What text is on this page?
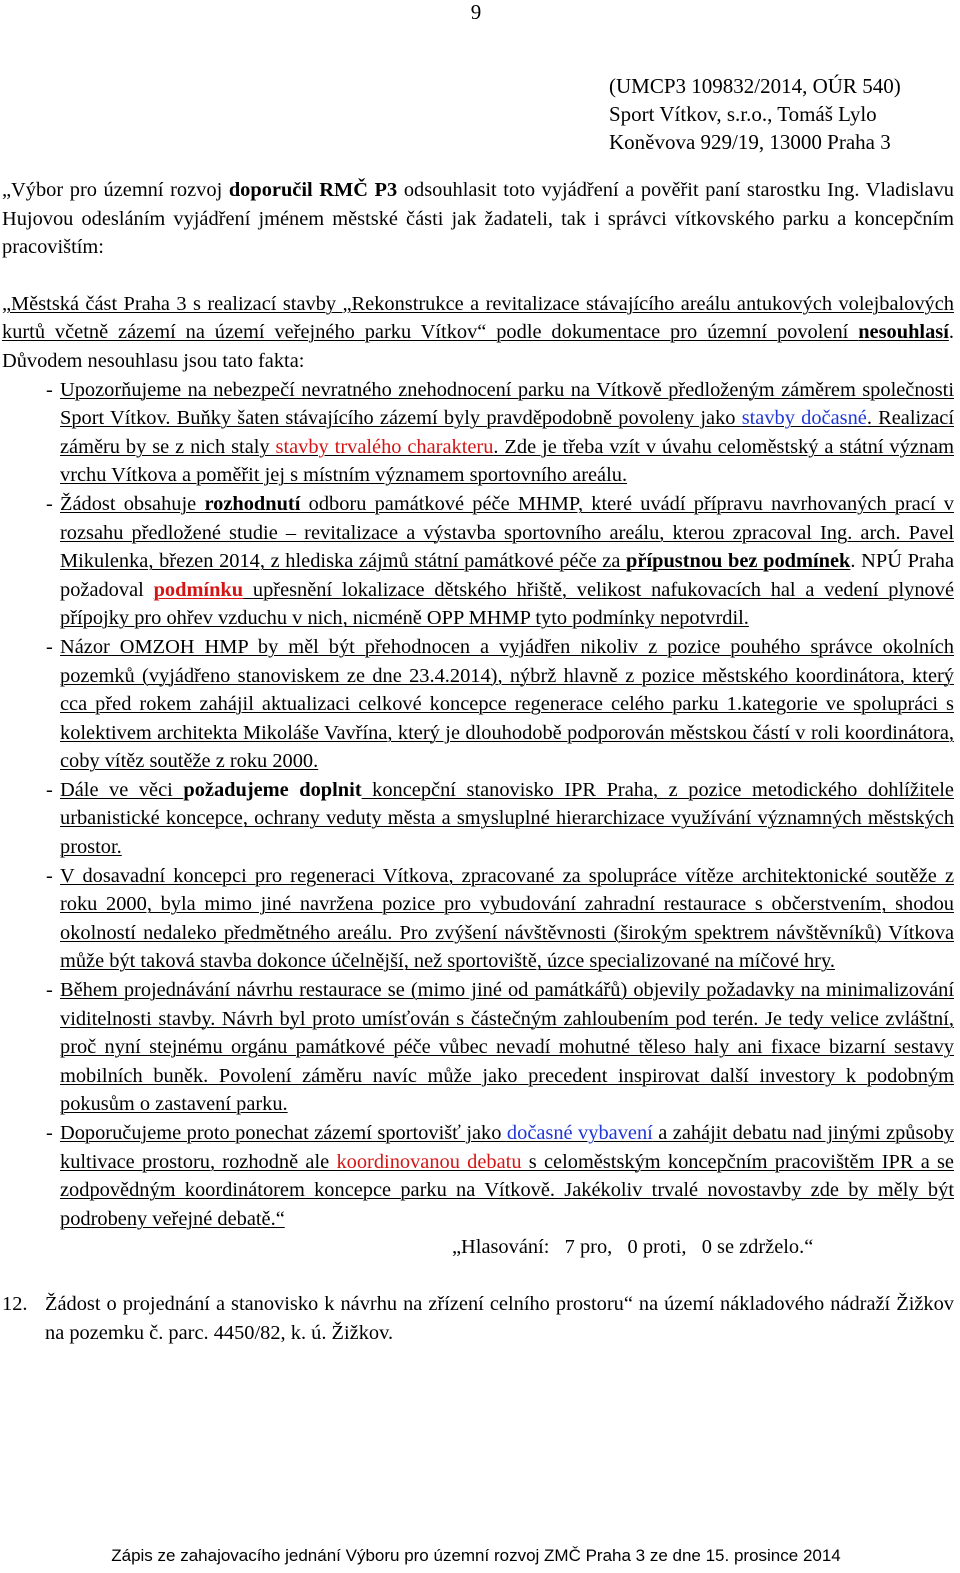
9
(UMCP3 109832/2014, OÚR 540)
Sport Vítkov, s.r.o., Tomáš Lylo
Koněvova 929/19, 13000 Praha 3

„Výbor pro územní rozvoj doporučil RMČ P3 odsouhlasit toto vyjádření a pověřit paní starostku Ing. Vladislavu Hujovou odesláním vyjádření jménem městské části jak žadateli, tak i správci vítkovského parku a koncepčním pracovištím:

„Městská část Praha 3 s realizací stavby „Rekonstrukce a revitalizace stávajícího areálu antukových volejbalových kurtů včetně zázemí na území veřejného parku Vítkov“ podle dokumentace pro územní povolení nesouhlasí. Důvodem nesouhlasu jsou tato fakta:

- Upozorňujeme na nebezpečí nevratného znehodnocení parku na Vítkově předloženým záměrem společnosti Sport Vítkov. Buňky šaten stávajícího zázemí byly pravděpodobně povoleny jako stavby dočasné. Realizací záměru by se z nich staly stavby trvalého charakteru. Zde je třeba vzít v úvahu celoměstský a státní význam vrchu Vítkova a poměřit jej s místním významem sportovního areálu.
- Žádost obsahuje rozhodnutí odboru památkové péče MHMP, které uvádí přípravu navrhovaných prací v rozsahu předložené studie – revitalizace a výstavba sportovního areálu, kterou zpracoval Ing. arch. Pavel Mikulenka, březen 2014, z hlediska zájmů státní památkové péče za přípustnou bez podmínek. NPÚ Praha požadoval podmínku upřesnění lokalizace dětského hřiště, velikost nafukovacích hal a vedení plynové přípojky pro ohřev vzduchu v nich, nicméně OPP MHMP tyto podmínky nepotvrdil.
- Názor OMZOH HMP by měl být přehodnocen a vyjádřen nikoliv z pozice pouhého správce okolních pozemků (vyjádřeno stanoviskem ze dne 23.4.2014), nýbrž hlavně z pozice městského koordinátora, který cca před rokem zahájil aktualizaci celkové koncepce regenerace celého parku 1.kategorie ve spolupráci s kolektivem architekta Mikoláše Vavřína, který je dlouhodobě podporován městskou částí v roli koordinátora, coby vítěz soutěže z roku 2000.
- Dále ve věci požadujeme doplnit koncepční stanovisko IPR Praha, z pozice metodického dohlížitele urbanistické koncepce, ochrany veduty města a smysluplné hierarchizace využívání významných městských prostor.
- V dosavadní koncepci pro regeneraci Vítkova, zpracované za spolupráce vítěze architektonické soutěže z roku 2000, byla mimo jiné navržena pozice pro vybudování zahradní restaurace s občerstvením, shodou okolností nedaleko předmětného areálu. Pro zvýšení návštěvnosti (širokým spektrem návštěvníků) Vítkova může být taková stavba dokonce účelnější, než sportoviště, úzce specializované na míčové hry.
- Během projednávání návrhu restaurace se (mimo jiné od památkářů) objevily požadavky na minimalizování viditelnosti stavby. Návrh byl proto umísťován s částečným zahloubením pod terén. Je tedy velice zvláštní, proč nyní stejnému orgánu památkové péče vůbec nevadí mohutné těleso haly ani fixace bizarní sestavy mobilních buněk. Povolení záměru navíc může jako precedent inspirovat další investory k podobným pokusům o zastavení parku.
- Doporučujeme proto ponechat zázemí sportovišť jako dočasné vybavení a zahájit debatu nad jinými způsoby kultivace prostoru, rozhodně ale koordinovanou debatu s celoměstským koncepčním pracovištěm IPR a se zodpovědným koordinátorem koncepce parku na Vítkově. Jakékoliv trvalé novostavby zde by měly být podrobeny veřejné debatě.“
„Hlasování:   7 pro,   0 proti,   0 se zdrželo.“
12. Žádost o projednání a stanovisko k návrhu na zřízení celního prostoru“ na území nákladového nádraží Žižkov na pozemku č. parc. 4450/82, k. ú. Žižkov.
Zápis ze zahajovacího jednání Výboru pro územní rozvoj ZMČ Praha 3 ze dne 15. prosince 2014
